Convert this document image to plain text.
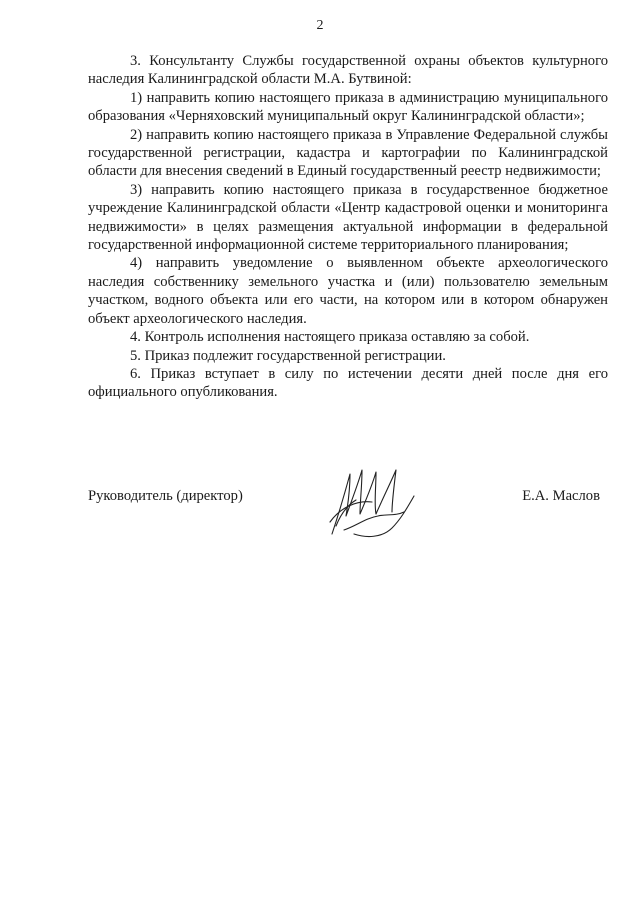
2

3. Консультанту Службы государственной охраны объектов культурного наследия Калининградской области М.А. Бутвиной:

1) направить копию настоящего приказа в администрацию муниципального образования «Черняховский муниципальный округ Калининградской области»;

2) направить копию настоящего приказа в Управление Федеральной службы государственной регистрации, кадастра и картографии по Калининградской области для внесения сведений в Единый государственный реестр недвижимости;

3) направить копию настоящего приказа в государственное бюджетное учреждение Калининградской области «Центр кадастровой оценки и мониторинга недвижимости» в целях размещения актуальной информации в федеральной государственной информационной системе территориального планирования;

4) направить уведомление о выявленном объекте археологического наследия собственнику земельного участка и (или) пользователю земельным участком, водного объекта или его части, на котором или в котором обнаружен объект археологического наследия.

4. Контроль исполнения настоящего приказа оставляю за собой.

5. Приказ подлежит государственной регистрации.

6. Приказ вступает в силу по истечении десяти дней после дня его официального опубликования.

Руководитель (директор)	Е.А. Маслов
